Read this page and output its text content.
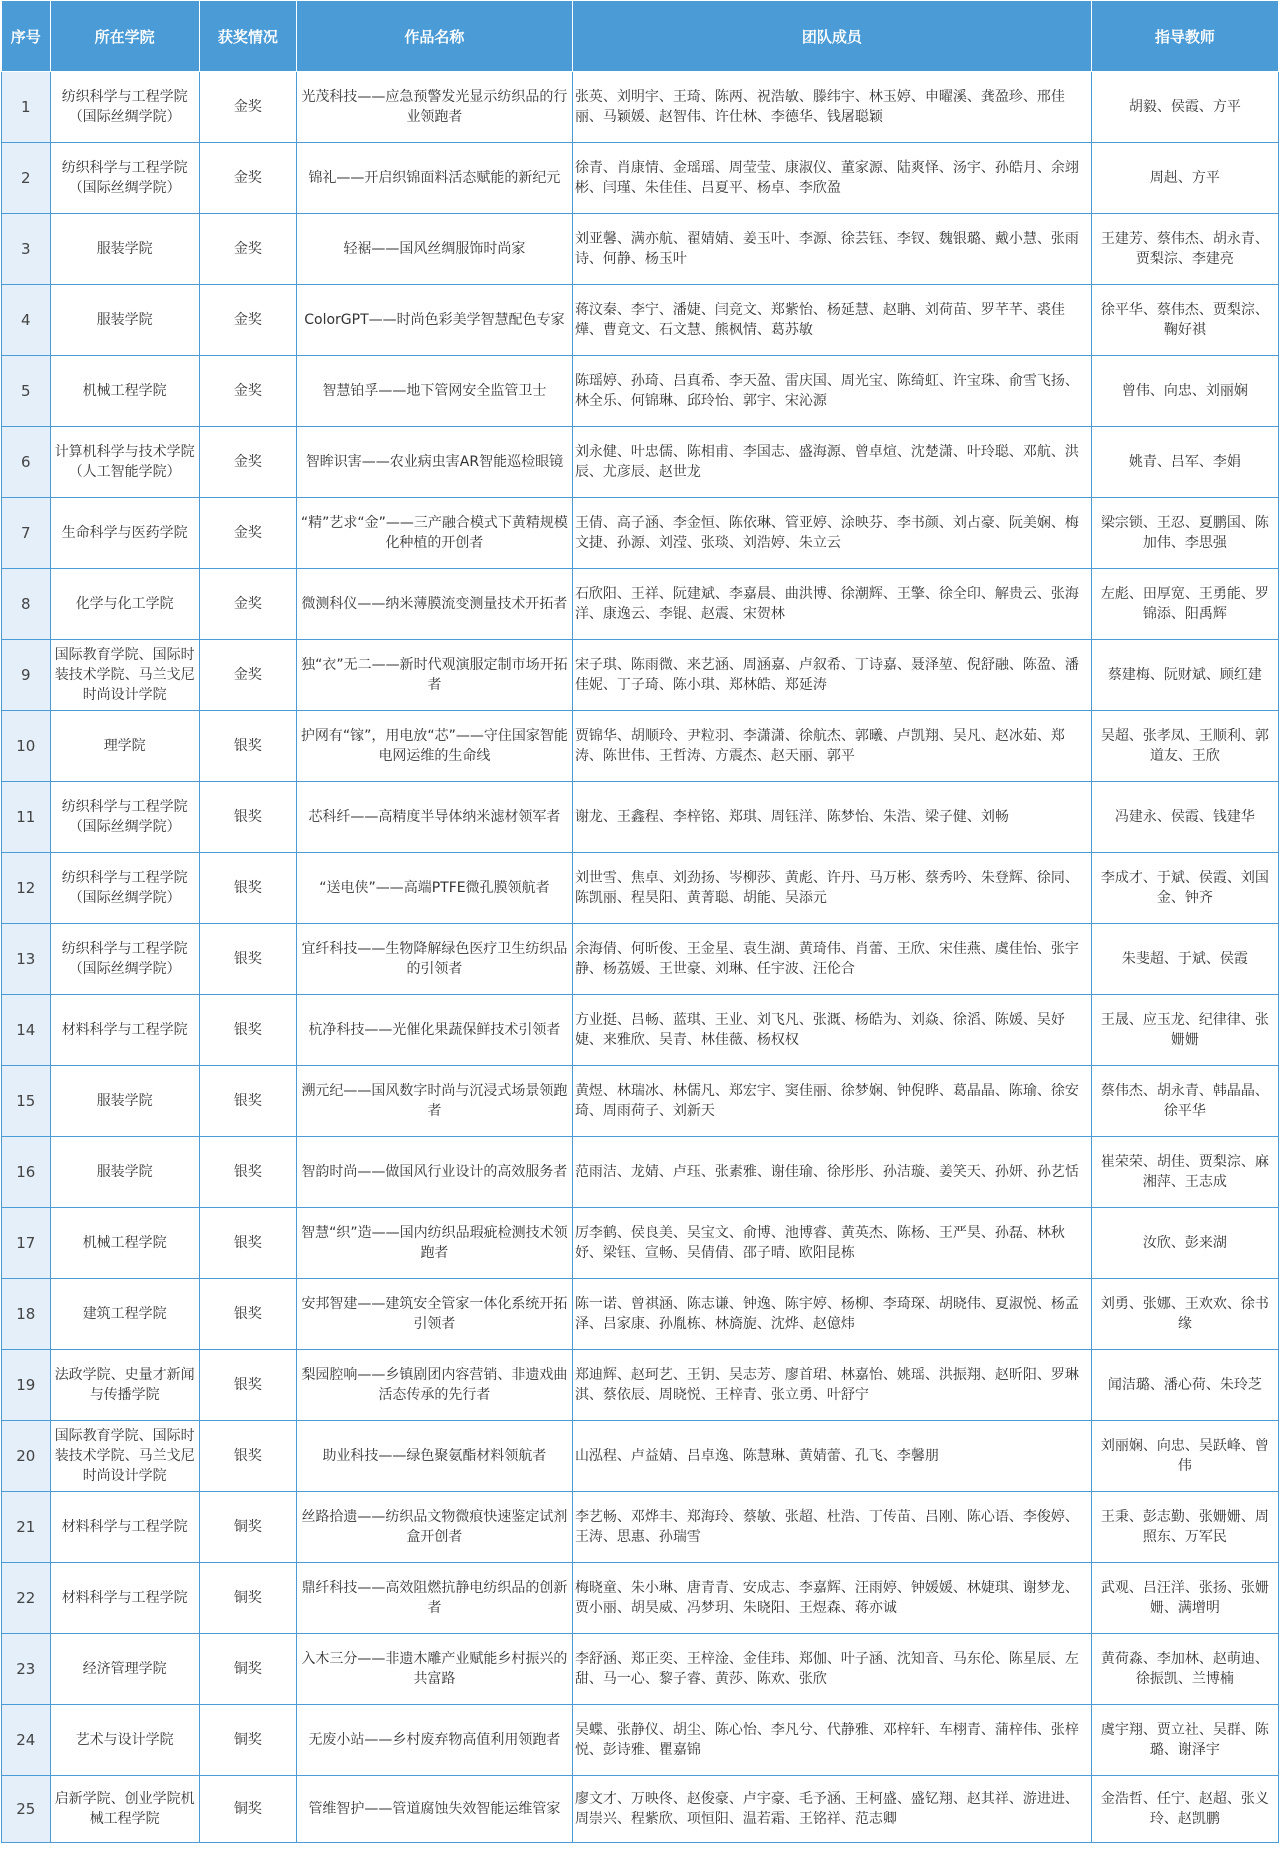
序号	所在学院	获奖情况	作品名称	团队成员	指导教师
1	纺织科学与工程学院（国际丝绸学院）	金奖	光茂科技——应急预警发光显示纺织品的行业领跑者	张英、刘明宇、王琦、陈两、祝浩敏、滕纬宇、林玉婷、申曜溪、龚盈珍、邢佳丽、马颖媛、赵智伟、许仕林、李德华、钱屠聪颖	胡毅、侯霞、方平
2	纺织科学与工程学院（国际丝绸学院）	金奖	锦礼——开启织锦面料活态赋能的新纪元	徐青、肖康情、金瑶瑶、周莹莹、康淑仪、董家源、陆爽怿、汤宇、孙皓月、余翊彬、闫瑾、朱佳佳、吕夏平、杨卓、李欣盈	周赳、方平
3	服装学院	金奖	轻裾——国风丝绸服饰时尚家	刘亚馨、满亦航、翟婧婧、姜玉叶、李源、徐芸钰、李钗、魏银璐、戴小慧、张雨诗、何静、杨玉叶	王建芳、蔡伟杰、胡永青、贾梨淙、李建亮
4	服装学院	金奖	ColorGPT——时尚色彩美学智慧配色专家	蒋汶秦、李宁、潘婕、闫竞文、郑紫怡、杨延慧、赵聃、刘荷苗、罗芊芊、裘佳燁、曹竟文、石文慧、熊枫情、葛苏敏	徐平华、蔡伟杰、贾梨淙、鞠好祺
5	机械工程学院	金奖	智慧铂孚——地下管网安全监管卫士	陈瑶婷、孙琦、吕真希、李天盈、雷庆国、周光宝、陈绮虹、许宝珠、俞雪飞扬、林全乐、何锦琳、邱玲怡、郭宇、宋沁源	曾伟、向忠、刘丽娴
6	计算机科学与技术学院（人工智能学院）	金奖	智眸识害——农业病虫害AR智能巡检眼镜	刘永健、叶忠儒、陈相甫、李国志、盛海源、曾卓煊、沈楚潇、叶玲聪、邓航、洪辰、尤彦辰、赵世龙	姚青、吕军、李娟
7	生命科学与医药学院	金奖	“精”艺求“金”——三产融合模式下黄精规模化种植的开创者	王倩、高子涵、李金恒、陈依琳、管亚婷、涂映芬、李书颜、刘占豪、阮美娴、梅文捷、孙源、刘滢、张琰、刘浩婷、朱立云	梁宗锁、王忍、夏鹏国、陈加伟、李思强
8	化学与化工学院	金奖	微测科仪——纳米薄膜流变测量技术开拓者	石欣阳、王祥、阮建斌、李嘉晨、曲洪博、徐潮辉、王擎、徐全印、解贵云、张海洋、康逸云、李锟、赵震、宋贺林	左彪、田厚宽、王勇能、罗锦添、阳禹辉
9	国际教育学院、国际时装技术学院、马兰戈尼时尚设计学院	金奖	独“衣”无二——新时代观演服定制市场开拓者	宋子琪、陈雨微、来艺涵、周涵嘉、卢叙希、丁诗嘉、聂泽堃、倪舒融、陈盈、潘佳妮、丁子琦、陈小琪、郑林皓、郑延涛	蔡建梅、阮财斌、顾红建
10	理学院	银奖	护网有“镓”，用电放“芯”——守住国家智能电网运维的生命线	贾锦华、胡顺玲、尹粒羽、李潇潇、徐航杰、郭曦、卢凯翔、吴凡、赵冰茹、郑涛、陈世伟、王哲涛、方震杰、赵天丽、郭平	吴超、张孝凤、王顺利、郭道友、王欣
11	纺织科学与工程学院（国际丝绸学院）	银奖	芯科纤——高精度半导体纳米滤材领军者	谢龙、王鑫程、李梓铭、郑琪、周钰洋、陈梦怡、朱浩、梁子健、刘畅	冯建永、侯霞、钱建华
12	纺织科学与工程学院（国际丝绸学院）	银奖	“送电侠”——高端PTFE微孔膜领航者	刘世雪、焦卓、刘劲扬、岑柳莎、黄彪、许丹、马万彬、蔡秀吟、朱登辉、徐同、陈凯丽、程昊阳、黄菁聪、胡能、吴添元	李成才、于斌、侯霞、刘国金、钟齐
13	纺织科学与工程学院（国际丝绸学院）	银奖	宜纤科技——生物降解绿色医疗卫生纺织品的引领者	余海倩、何昕俊、王金星、袁生湖、黄琦伟、肖蕾、王欣、宋佳燕、虞佳怡、张宇静、杨荔媛、王世豪、刘琳、任宇波、汪伦合	朱斐超、于斌、侯霞
14	材料科学与工程学院	银奖	杭净科技——光催化果蔬保鲜技术引领者	方业挺、吕畅、蓝琪、王业、刘飞凡、张溉、杨皓为、刘焱、徐滔、陈媛、吴妤婕、来雅欣、吴青、林佳薇、杨权权	王晟、应玉龙、纪律律、张姗姗
15	服装学院	银奖	溯元纪——国风数字时尚与沉浸式场景领跑者	黄煜、林瑞冰、林儒凡、郑宏宇、窦佳丽、徐梦娴、钟倪晔、葛晶晶、陈瑜、徐安琦、周雨荷子、刘新天	蔡伟杰、胡永青、韩晶晶、徐平华
16	服装学院	银奖	智韵时尚——做国风行业设计的高效服务者	范雨洁、龙婧、卢珏、张素雅、谢佳瑜、徐彤彤、孙洁璇、姜笑天、孙妍、孙艺恬	崔荣荣、胡佳、贾梨淙、麻湘萍、王志成
17	机械工程学院	银奖	智慧“织”造——国内纺织品瑕疵检测技术领跑者	厉李鹤、侯良美、吴宝文、俞博、池博睿、黄英杰、陈杨、王严昊、孙磊、林秋妤、梁钰、宣畅、吴倩倩、邵子晴、欧阳昆栋	汝欣、彭来湖
18	建筑工程学院	银奖	安邦智建——建筑安全管家一体化系统开拓引领者	陈一诺、曾祺涵、陈志谦、钟逸、陈宇婷、杨柳、李琦琛、胡晓伟、夏淑悦、杨孟泽、吕家康、孙胤栋、林旖旎、沈烨、赵億炜	刘勇、张娜、王欢欢、徐书缘
19	法政学院、史量才新闻与传播学院	银奖	梨园腔响——乡镇剧团内容营销、非遗戏曲活态传承的先行者	郑迪辉、赵珂艺、王钥、吴志芳、廖首珺、林嘉怡、姚瑶、洪振翔、赵昕阳、罗琳淇、蔡依辰、周晓悦、王梓青、张立勇、叶舒宁	闻洁璐、潘心荷、朱玲芝
20	国际教育学院、国际时装技术学院、马兰戈尼时尚设计学院	银奖	助业科技——绿色聚氨酯材料领航者	山泓程、卢益婧、吕卓逸、陈慧琳、黄婧蕾、孔飞、李馨朋	刘丽娴、向忠、吴跃峰、曾伟
21	材料科学与工程学院	铜奖	丝路拾遗——纺织品文物微痕快速鉴定试剂盒开创者	李艺畅、邓烨丰、郑海玲、蔡敏、张超、杜浩、丁传苗、吕刚、陈心语、李俊婷、王涛、思惠、孙瑞雪	王秉、彭志勤、张姗姗、周照东、万军民
22	材料科学与工程学院	铜奖	鼎纤科技——高效阻燃抗静电纺织品的创新者	梅晓童、朱小琳、唐青青、安成志、李嘉辉、汪雨婷、钟媛媛、林婕琪、谢梦龙、贾小丽、胡昊威、冯梦玥、朱晓阳、王煜森、蒋亦诚	武观、吕汪洋、张扬、张姗姗、满增明
23	经济管理学院	铜奖	入木三分——非遗木雕产业赋能乡村振兴的共富路	李舒涵、郑正奕、王梓淦、金佳玮、郑伽、叶子涵、沈知音、马东伦、陈星辰、左甜、马一心、黎子睿、黄莎、陈欢、张欣	黄荷淼、李加林、赵萌迪、徐振凯、兰博楠
24	艺术与设计学院	铜奖	无废小站——乡村废弃物高值利用领跑者	吴蝶、张静仪、胡尘、陈心怡、李凡兮、代静雅、邓梓轩、车栩青、蒲梓伟、张梓悦、彭诗雅、瞿嘉锦	虞宇翔、贾立社、吴群、陈璐、谢泽宇
25	启新学院、创业学院机械工程学院	铜奖	管维智护——管道腐蚀失效智能运维管家	廖文才、万映佟、赵俊豪、卢宇豪、毛予涵、王柯盛、盛钇翔、赵其祥、游进进、周崇兴、程紫欣、项恒阳、温若霜、王铭祥、范志卿	金浩哲、任宁、赵超、张义玲、赵凯鹏
